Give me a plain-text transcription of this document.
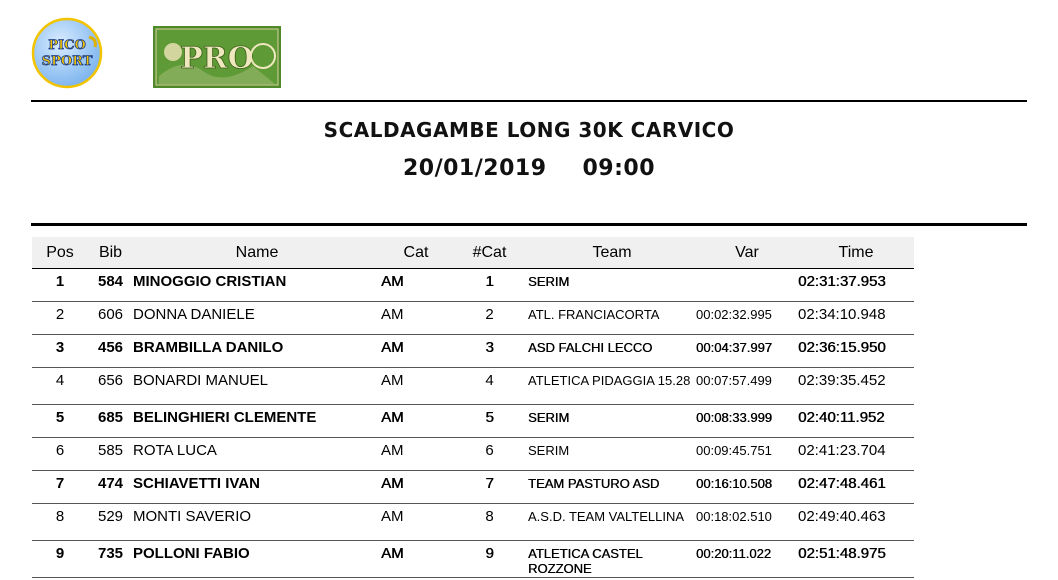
PICO
SPORT	PRO
SCALDAGAMBE LONG 30K CARVICO
20/01/2019 09:00
Pos	Bib	Name	Cat	#Cat	Team	Var	Time
1	584	MINOGGIO CRISTIAN	AM	1	SERIM		02:31:37.953
2	606	DONNA DANIELE	AM	2	ATL. FRANCIACORTA	00:02:32.995	02:34:10.948
3	456	BRAMBILLA DANILO	AM	3	ASD FALCHI LECCO	00:04:37.997	02:36:15.950
4	656	BONARDI MANUEL	AM	4	ATLETICA PIDAGGIA 15.28	00:07:57.499	02:39:35.452
5	685	BELINGHIERI CLEMENTE	AM	5	SERIM	00:08:33.999	02:40:11.952
6	585	ROTA LUCA	AM	6	SERIM	00:09:45.751	02:41:23.704
7	474	SCHIAVETTI IVAN	AM	7	TEAM PASTURO ASD	00:16:10.508	02:47:48.461
8	529	MONTI SAVERIO	AM	8	A.S.D. TEAM VALTELLINA	00:18:02.510	02:49:40.463
9	735	POLLONI FABIO	AM	9	ATLETICA CASTEL ROZZONE	00:20:11.022	02:51:48.975
